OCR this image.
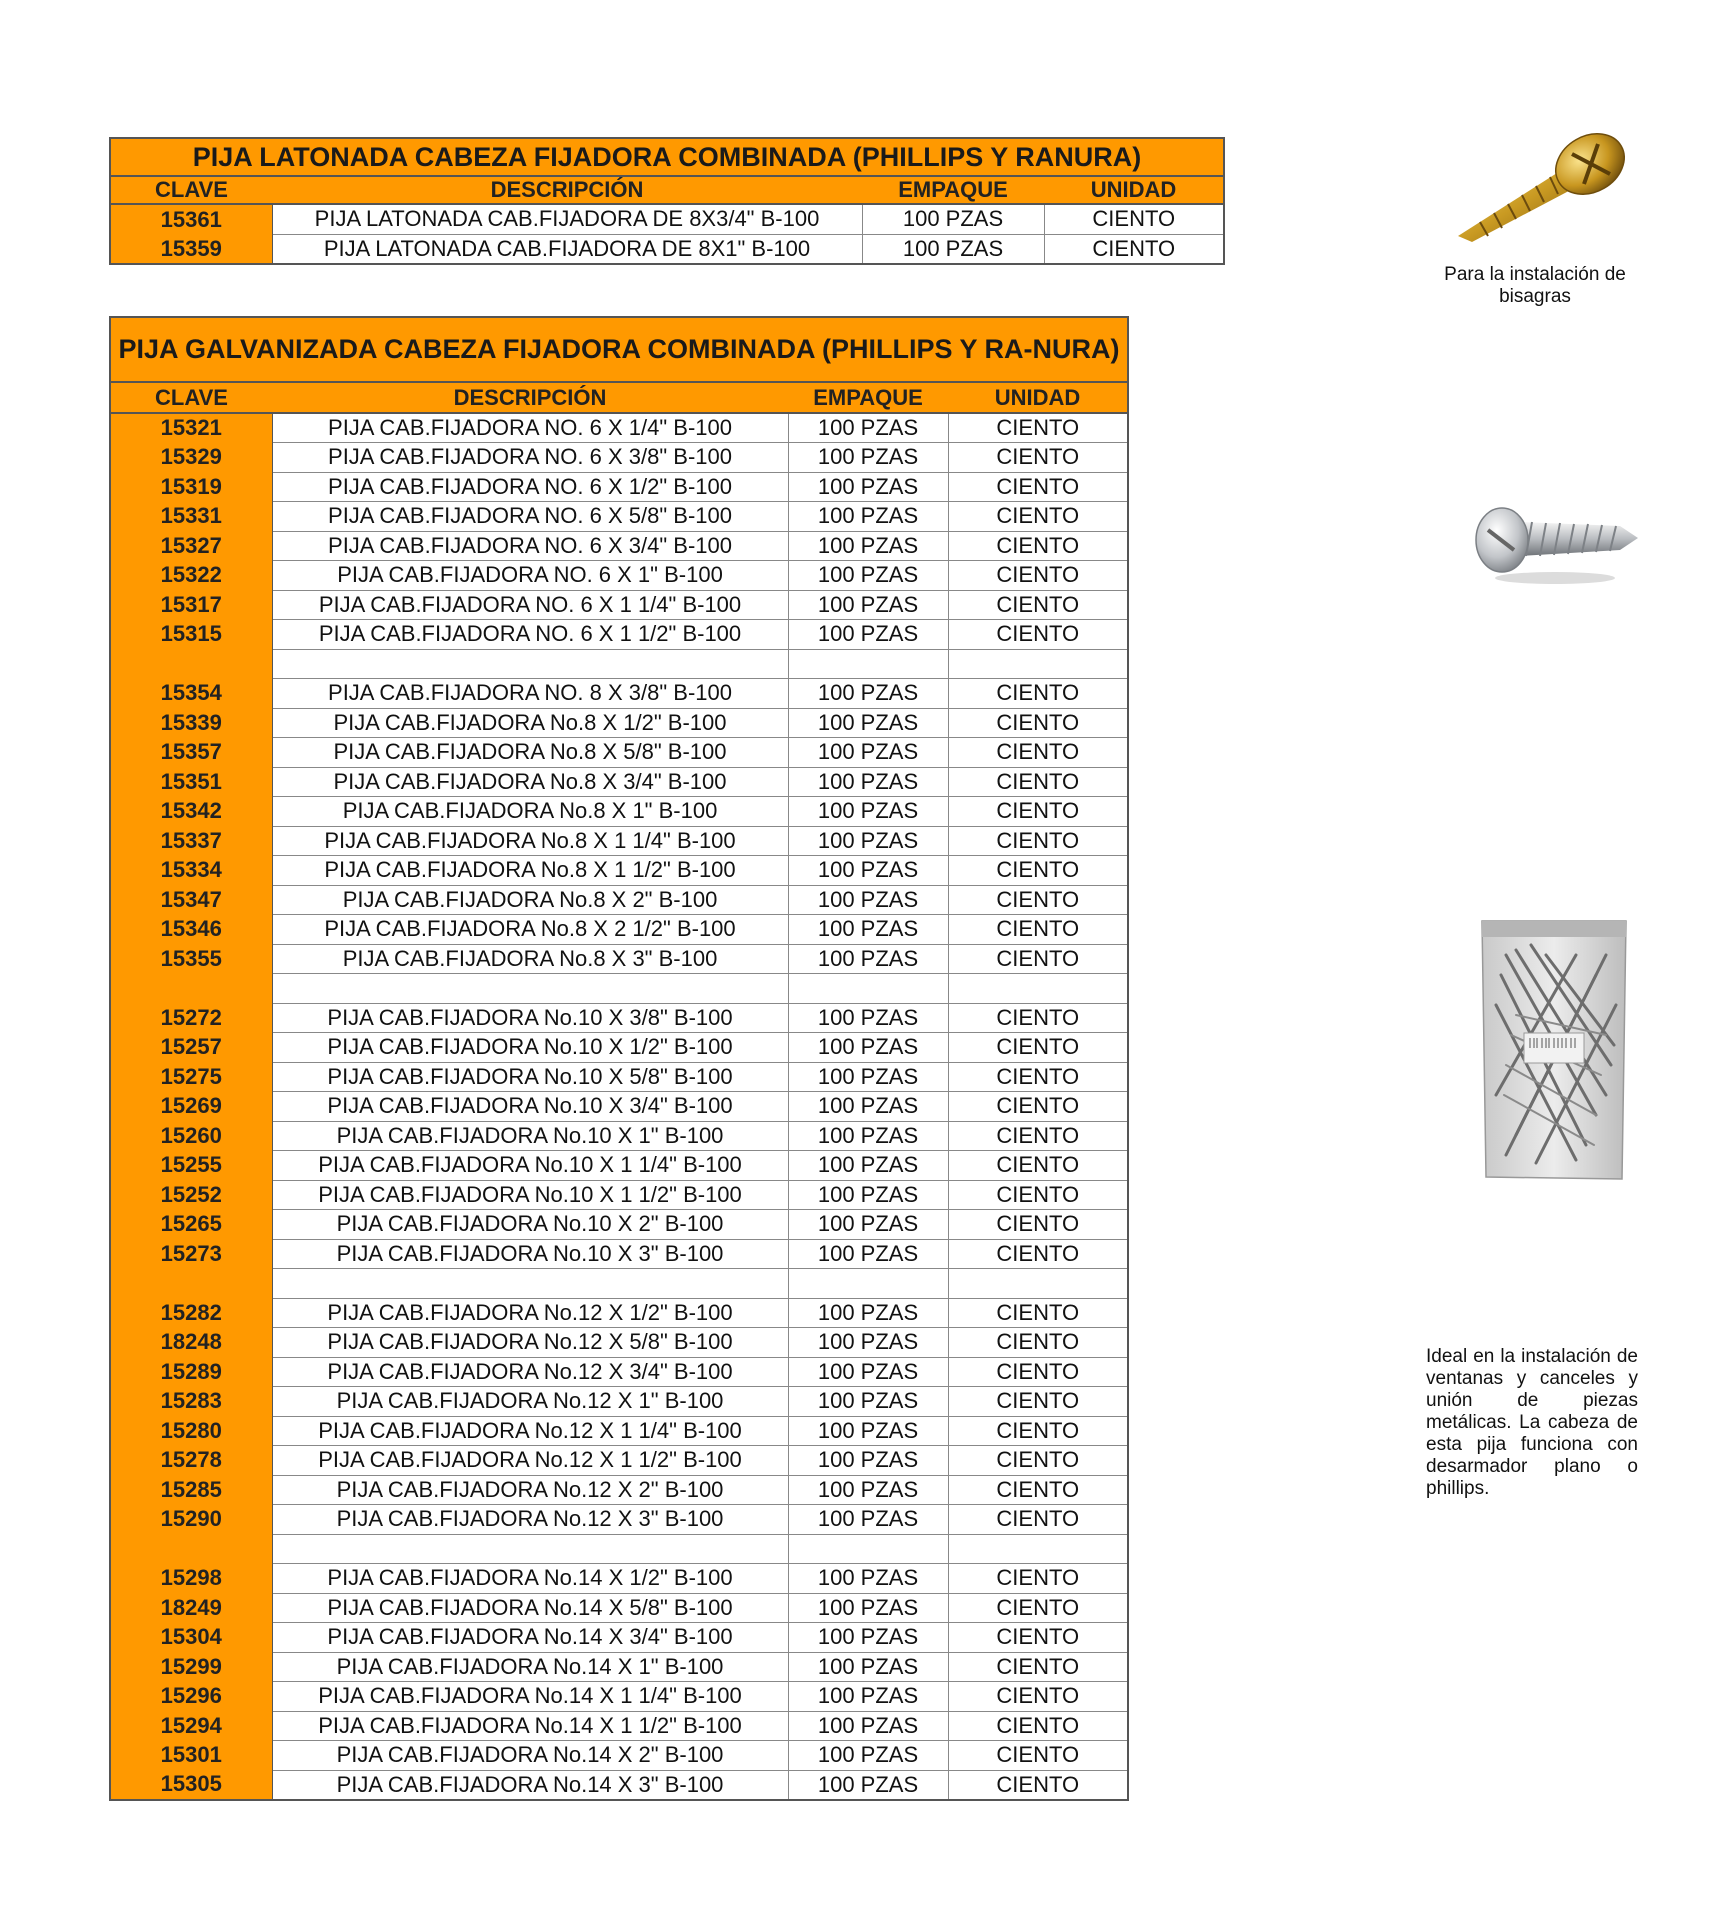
PIJA LATONADA CABEZA FIJADORA COMBINADA (PHILLIPS Y RANURA)			
CLAVE	DESCRIPCIÓN	EMPAQUE	UNIDAD
15361	PIJA LATONADA CAB.FIJADORA DE 8X3/4" B-100	100 PZAS	CIENTO
15359	PIJA LATONADA CAB.FIJADORA DE 8X1" B-100	100 PZAS	CIENTO
PIJA GALVANIZADA CABEZA FIJADORA COMBINADA (PHILLIPS Y RA-NURA)			
CLAVE	DESCRIPCIÓN	EMPAQUE	UNIDAD
15321	PIJA CAB.FIJADORA NO. 6 X 1/4" B-100	100 PZAS	CIENTO
15329	PIJA CAB.FIJADORA NO. 6 X 3/8" B-100	100 PZAS	CIENTO
15319	PIJA CAB.FIJADORA NO. 6 X 1/2" B-100	100 PZAS	CIENTO
15331	PIJA CAB.FIJADORA NO. 6 X 5/8" B-100	100 PZAS	CIENTO
15327	PIJA CAB.FIJADORA NO. 6 X 3/4" B-100	100 PZAS	CIENTO
15322	PIJA CAB.FIJADORA NO. 6 X 1" B-100	100 PZAS	CIENTO
15317	PIJA CAB.FIJADORA NO. 6 X 1 1/4" B-100	100 PZAS	CIENTO
15315	PIJA CAB.FIJADORA NO. 6 X 1 1/2" B-100	100 PZAS	CIENTO

15354	PIJA CAB.FIJADORA NO. 8 X 3/8" B-100	100 PZAS	CIENTO
15339	PIJA CAB.FIJADORA No.8 X 1/2" B-100	100 PZAS	CIENTO
15357	PIJA CAB.FIJADORA No.8 X 5/8" B-100	100 PZAS	CIENTO
15351	PIJA CAB.FIJADORA No.8 X 3/4" B-100	100 PZAS	CIENTO
15342	PIJA CAB.FIJADORA No.8 X 1" B-100	100 PZAS	CIENTO
15337	PIJA CAB.FIJADORA No.8 X 1 1/4" B-100	100 PZAS	CIENTO
15334	PIJA CAB.FIJADORA No.8 X 1 1/2" B-100	100 PZAS	CIENTO
15347	PIJA CAB.FIJADORA No.8 X 2" B-100	100 PZAS	CIENTO
15346	PIJA CAB.FIJADORA No.8 X 2 1/2" B-100	100 PZAS	CIENTO
15355	PIJA CAB.FIJADORA No.8 X 3" B-100	100 PZAS	CIENTO

15272	PIJA CAB.FIJADORA No.10 X 3/8" B-100	100 PZAS	CIENTO
15257	PIJA CAB.FIJADORA No.10 X 1/2" B-100	100 PZAS	CIENTO
15275	PIJA CAB.FIJADORA No.10 X 5/8" B-100	100 PZAS	CIENTO
15269	PIJA CAB.FIJADORA No.10 X 3/4" B-100	100 PZAS	CIENTO
15260	PIJA CAB.FIJADORA No.10 X 1" B-100	100 PZAS	CIENTO
15255	PIJA CAB.FIJADORA No.10 X 1 1/4" B-100	100 PZAS	CIENTO
15252	PIJA CAB.FIJADORA No.10 X 1 1/2" B-100	100 PZAS	CIENTO
15265	PIJA CAB.FIJADORA No.10 X 2" B-100	100 PZAS	CIENTO
15273	PIJA CAB.FIJADORA No.10 X 3" B-100	100 PZAS	CIENTO

15282	PIJA CAB.FIJADORA No.12 X 1/2" B-100	100 PZAS	CIENTO
18248	PIJA CAB.FIJADORA No.12 X 5/8" B-100	100 PZAS	CIENTO
15289	PIJA CAB.FIJADORA No.12 X 3/4" B-100	100 PZAS	CIENTO
15283	PIJA CAB.FIJADORA No.12 X 1" B-100	100 PZAS	CIENTO
15280	PIJA CAB.FIJADORA No.12 X 1 1/4" B-100	100 PZAS	CIENTO
15278	PIJA CAB.FIJADORA No.12 X 1 1/2" B-100	100 PZAS	CIENTO
15285	PIJA CAB.FIJADORA No.12 X 2" B-100	100 PZAS	CIENTO
15290	PIJA CAB.FIJADORA No.12 X 3" B-100	100 PZAS	CIENTO

15298	PIJA CAB.FIJADORA No.14 X 1/2" B-100	100 PZAS	CIENTO
18249	PIJA CAB.FIJADORA No.14 X 5/8" B-100	100 PZAS	CIENTO
15304	PIJA CAB.FIJADORA No.14 X 3/4" B-100	100 PZAS	CIENTO
15299	PIJA CAB.FIJADORA No.14 X 1" B-100	100 PZAS	CIENTO
15296	PIJA CAB.FIJADORA No.14 X 1 1/4" B-100	100 PZAS	CIENTO
15294	PIJA CAB.FIJADORA No.14 X 1 1/2" B-100	100 PZAS	CIENTO
15301	PIJA CAB.FIJADORA No.14 X 2" B-100	100 PZAS	CIENTO
15305	PIJA CAB.FIJADORA No.14 X 3" B-100	100 PZAS	CIENTO
Para la instalación de bisagras
Ideal en la instalación de ventanas y canceles y unión de piezas metálicas. La cabeza de esta pija funciona con desarmador plano o phillips.
